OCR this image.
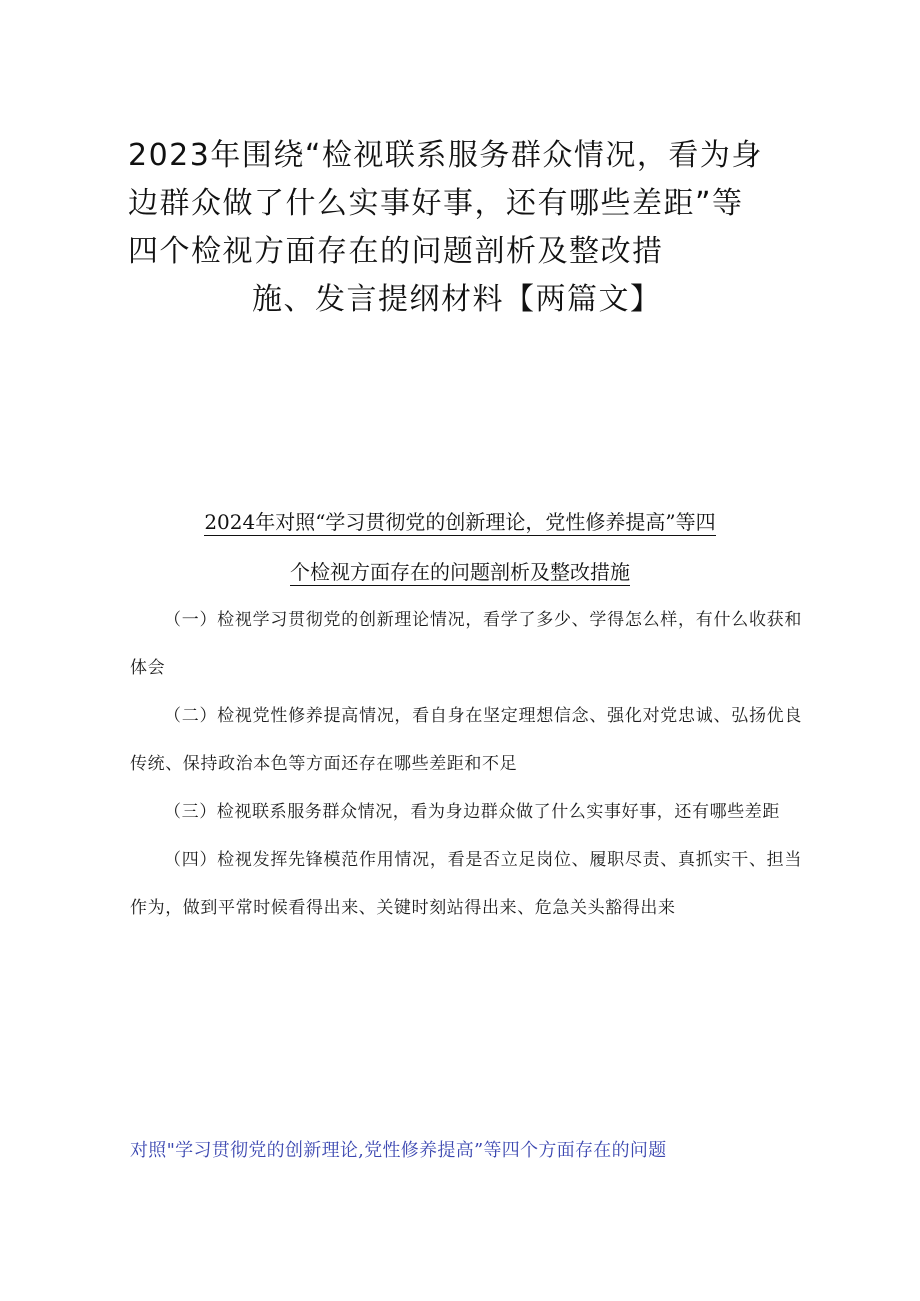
2023年围绕“检视联系服务群众情况，看为身
边群众做了什么实事好事，还有哪些差距”等
四个检视方面存在的问题剖析及整改措
施、发言提纲材料【两篇文】
2024年对照“学习贯彻党的创新理论，党性修养提高”等四
个检视方面存在的问题剖析及整改措施

（一）检视学习贯彻党的创新理论情况，看学了多少、学得怎么样，有什么收获和体会

（二）检视党性修养提高情况，看自身在坚定理想信念、强化对党忠诚、弘扬优良传统、保持政治本色等方面还存在哪些差距和不足

（三）检视联系服务群众情况，看为身边群众做了什么实事好事，还有哪些差距

（四）检视发挥先锋模范作用情况，看是否立足岗位、履职尽责、真抓实干、担当作为，做到平常时候看得出来、关键时刻站得出来、危急关头豁得出来

对照"学习贯彻党的创新理论,党性修养提高”等四个方面存在的问题
